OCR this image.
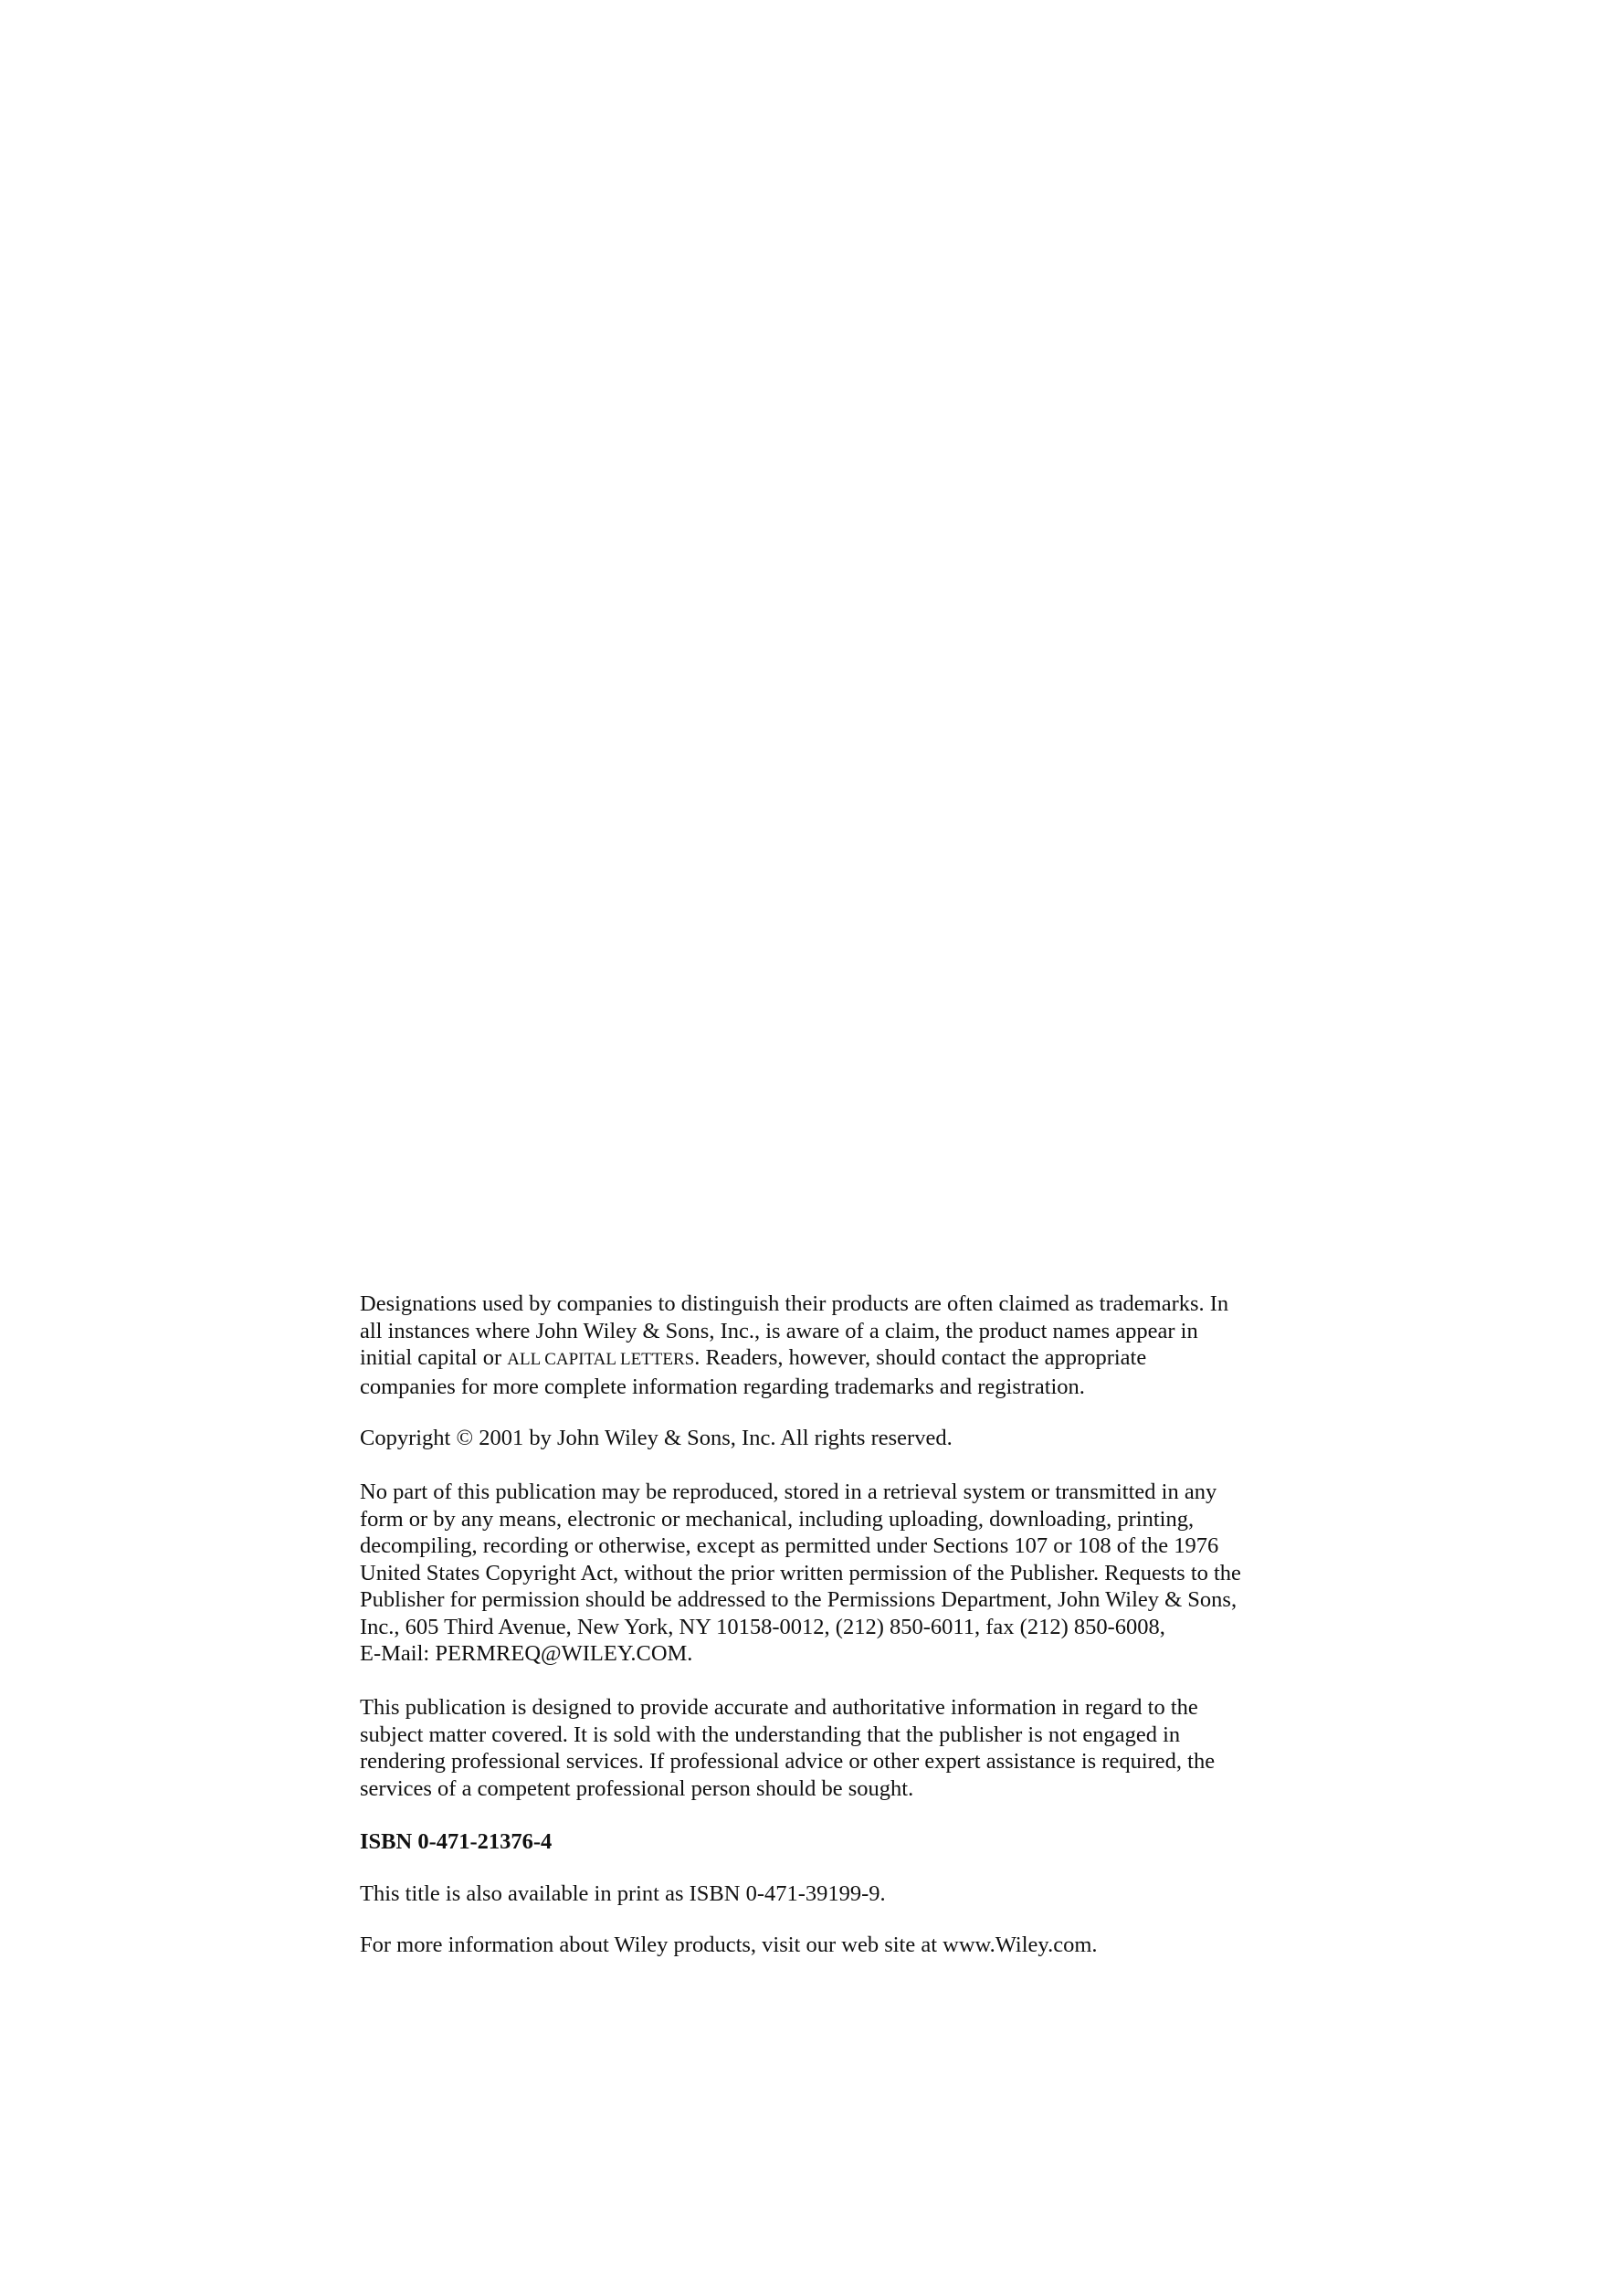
Designations used by companies to distinguish their products are often claimed as trademarks. In
all instances where John Wiley & Sons, Inc., is aware of a claim, the product names appear in
initial capital or ALL CAPITAL LETTERS. Readers, however, should contact the appropriate
companies for more complete information regarding trademarks and registration.
Copyright © 2001 by John Wiley & Sons, Inc. All rights reserved.
No part of this publication may be reproduced, stored in a retrieval system or transmitted in any
form or by any means, electronic or mechanical, including uploading, downloading, printing,
decompiling, recording or otherwise, except as permitted under Sections 107 or 108 of the 1976
United States Copyright Act, without the prior written permission of the Publisher. Requests to the
Publisher for permission should be addressed to the Permissions Department, John Wiley & Sons,
Inc., 605 Third Avenue, New York, NY 10158-0012, (212) 850-6011, fax (212) 850-6008,
E-Mail: PERMREQ@WILEY.COM.
This publication is designed to provide accurate and authoritative information in regard to the
subject matter covered. It is sold with the understanding that the publisher is not engaged in
rendering professional services. If professional advice or other expert assistance is required, the
services of a competent professional person should be sought.
ISBN 0-471-21376-4
This title is also available in print as ISBN 0-471-39199-9.
For more information about Wiley products, visit our web site at www.Wiley.com.
